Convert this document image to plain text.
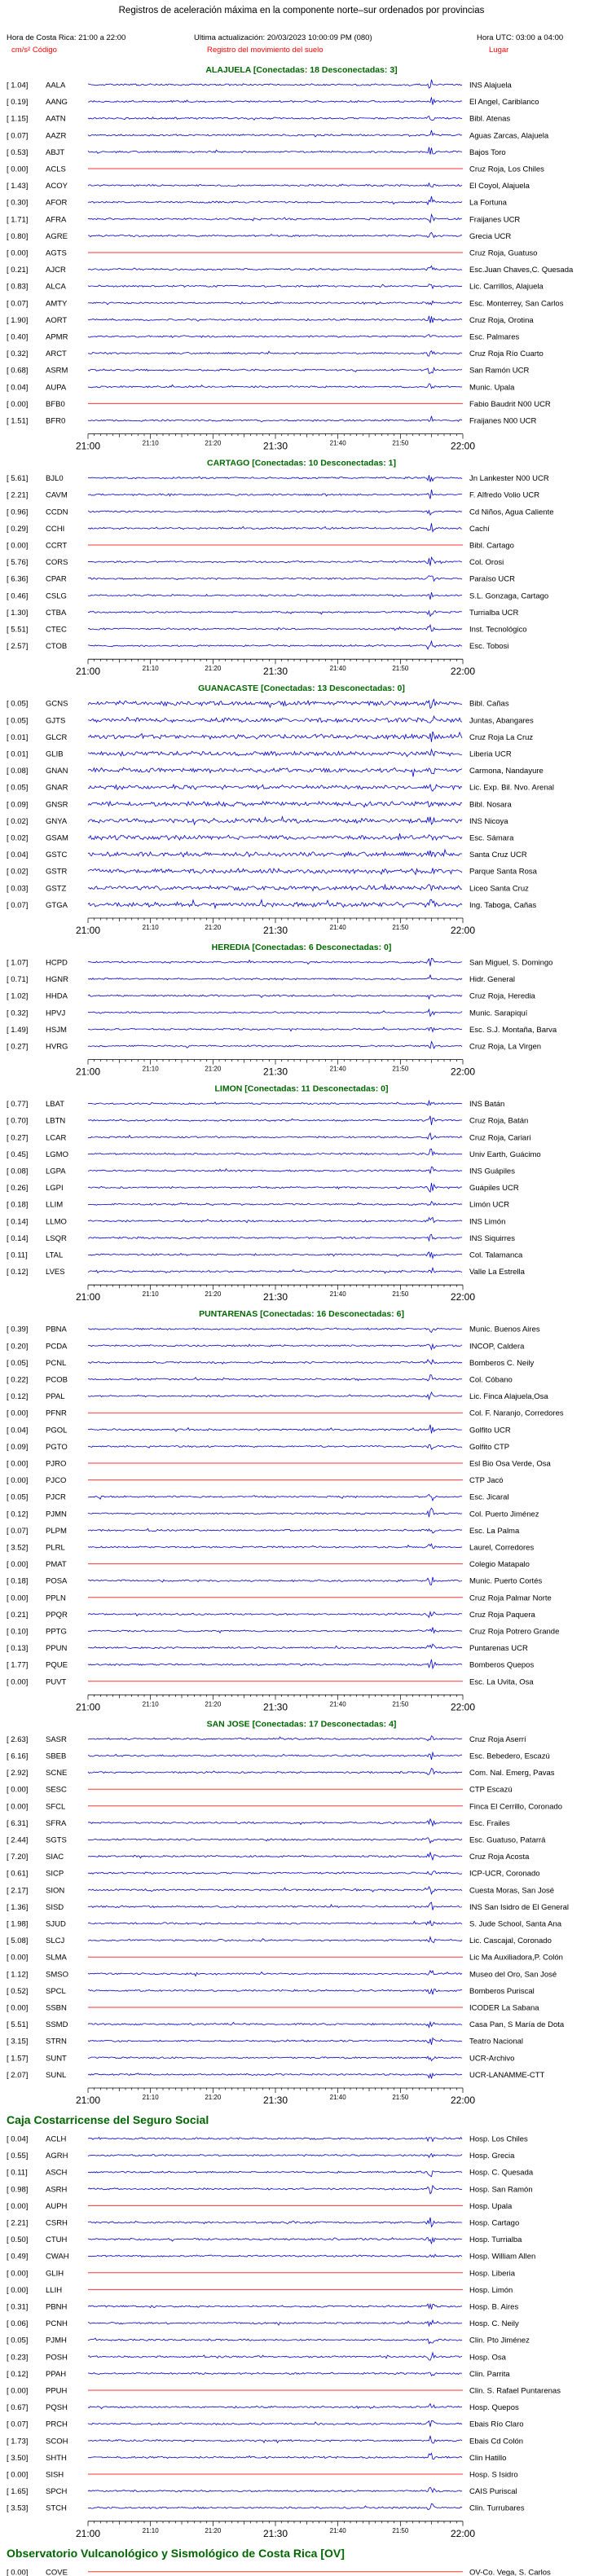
Registros de aceleración máxima en la componente norte–sur ordenados por provincias
Hora de Costa Rica: 21:00 a 22:00	Ultima actualización: 20/03/2023 10:00:09 PM (080)	Hora UTC: 03:00 a 04:00
cm/s² Código	Registro del movimiento del suelo	Lugar
ALAJUELA [Conectadas: 18 Desconectadas: 3]
[ 1.04] AALA	INS Alajuela
[ 0.19] AANG	El Angel, Cariblanco
[ 1.15] AATN	Bibl. Atenas
[ 0.07] AAZR	Aguas Zarcas, Alajuela
[ 0.53] ABJT	Bajos Toro
[ 0.00] ACLS	Cruz Roja, Los Chiles
[ 1.43] ACOY	El Coyol, Alajuela
[ 0.30] AFOR	La Fortuna
[ 1.71] AFRA	Fraijanes UCR
[ 0.80] AGRE	Grecia UCR
[ 0.00] AGTS	Cruz Roja, Guatuso
[ 0.21] AJCR	Esc.Juan Chaves,C. Quesada
[ 0.83] ALCA	Lic. Carrillos, Alajuela
[ 0.07] AMTY	Esc. Monterrey, San Carlos
[ 1.90] AORT	Cruz Roja, Orotina
[ 0.40] APMR	Esc. Palmares
[ 0.32] ARCT	Cruz Roja Río Cuarto
[ 0.68] ASRM	San Ramón UCR
[ 0.04] AUPA	Munic. Upala
[ 0.00] BFB0	Fabio Baudrit N00 UCR
[ 1.51] BFR0	Fraijanes N00 UCR
21:00	21:10	21:20	21:30	21:40	21:50	22:00
CARTAGO [Conectadas: 10 Desconectadas: 1]
[ 5.61] BJL0	Jn Lankester N00 UCR
[ 2.21] CAVM	F. Alfredo Volio UCR
[ 0.96] CCDN	Cd Niños, Agua Caliente
[ 0.29] CCHI	Cachí
[ 0.00] CCRT	Bibl. Cartago
[ 5.76] CORS	Col. Orosi
[ 6.36] CPAR	Paraíso UCR
[ 0.46] CSLG	S.L. Gonzaga, Cartago
[ 1.30] CTBA	Turrialba UCR
[ 5.51] CTEC	Inst. Tecnológico
[ 2.57] CTOB	Esc. Tobosi
21:00	21:10	21:20	21:30	21:40	21:50	22:00
GUANACASTE [Conectadas: 13 Desconectadas: 0]
[ 0.05] GCNS	Bibl. Cañas
[ 0.05] GJTS	Juntas, Abangares
[ 0.01] GLCR	Cruz Roja La Cruz
[ 0.01] GLIB	Liberia UCR
[ 0.08] GNAN	Carmona, Nandayure
[ 0.05] GNAR	Lic. Exp. Bil. Nvo. Arenal
[ 0.09] GNSR	Bibl. Nosara
[ 0.02] GNYA	INS Nicoya
[ 0.02] GSAM	Esc. Sámara
[ 0.04] GSTC	Santa Cruz UCR
[ 0.02] GSTR	Parque Santa Rosa
[ 0.03] GSTZ	Liceo Santa Cruz
[ 0.07] GTGA	Ing. Taboga, Cañas
21:00	21:10	21:20	21:30	21:40	21:50	22:00
HEREDIA [Conectadas: 6 Desconectadas: 0]
[ 1.07] HCPD	San Miguel, S. Domingo
[ 0.71] HGNR	Hidr. General
[ 1.02] HHDA	Cruz Roja, Heredia
[ 0.32] HPVJ	Munic. Sarapiquí
[ 1.49] HSJM	Esc. S.J. Montaña, Barva
[ 0.27] HVRG	Cruz Roja, La Virgen
21:00	21:10	21:20	21:30	21:40	21:50	22:00
LIMON [Conectadas: 11 Desconectadas: 0]
[ 0.77] LBAT	INS Batán
[ 0.70] LBTN	Cruz Roja, Batán
[ 0.27] LCAR	Cruz Roja, Cariari
[ 0.45] LGMO	Univ Earth, Guácimo
[ 0.08] LGPA	INS Guápiles
[ 0.26] LGPI	Guápiles UCR
[ 0.18] LLIM	Limón UCR
[ 0.14] LLMO	INS Limón
[ 0.14] LSQR	INS Siquirres
[ 0.11] LTAL	Col. Talamanca
[ 0.12] LVES	Valle La Estrella
21:00	21:10	21:20	21:30	21:40	21:50	22:00
PUNTARENAS [Conectadas: 16 Desconectadas: 6]
[ 0.39] PBNA	Munic. Buenos Aires
[ 0.20] PCDA	INCOP, Caldera
[ 0.05] PCNL	Bomberos C. Neily
[ 0.22] PCOB	Col. Cóbano
[ 0.12] PPAL	Lic. Finca Alajuela,Osa
[ 0.00] PFNR	Col. F. Naranjo, Corredores
[ 0.04] PGOL	Golfito UCR
[ 0.09] PGTO	Golfito CTP
[ 0.00] PJRO	Esl Bio Osa Verde, Osa
[ 0.00] PJCO	CTP Jacó
[ 0.05] PJCR	Esc. Jicaral
[ 0.12] PJMN	Col. Puerto Jiménez
[ 0.07] PLPM	Esc. La Palma
[ 3.52] PLRL	Laurel, Corredores
[ 0.00] PMAT	Colegio Matapalo
[ 0.18] POSA	Munic. Puerto Cortés
[ 0.00] PPLN	Cruz Roja Palmar Norte
[ 0.21] PPQR	Cruz Roja Paquera
[ 0.10] PPTG	Cruz Roja Potrero Grande
[ 0.13] PPUN	Puntarenas UCR
[ 1.77] PQUE	Bomberos Quepos
[ 0.00] PUVT	Esc. La Uvita, Osa
21:00	21:10	21:20	21:30	21:40	21:50	22:00
SAN JOSE [Conectadas: 17 Desconectadas: 4]
[ 2.63] SASR	Cruz Roja Aserrí
[ 6.16] SBEB	Esc. Bebedero, Escazú
[ 2.92] SCNE	Com. Nal. Emerg, Pavas
[ 0.00] SESC	CTP Escazú
[ 0.00] SFCL	Finca El Cerrillo, Coronado
[ 6.31] SFRA	Esc. Frailes
[ 2.44] SGTS	Esc. Guatuso, Patarrá
[ 7.20] SIAC	Cruz Roja Acosta
[ 0.61] SICP	ICP-UCR, Coronado
[ 2.17] SION	Cuesta Moras, San José
[ 1.36] SISD	INS San Isidro de El General
[ 1.98] SJUD	S. Jude School, Santa Ana
[ 5.08] SLCJ	Lic. Cascajal, Coronado
[ 0.00] SLMA	Lic Ma Auxiliadora,P. Colón
[ 1.12] SMSO	Museo del Oro, San José
[ 0.52] SPCL	Bomberos Puriscal
[ 0.00] SSBN	ICODER La Sabana
[ 5.51] SSMD	Casa Pan, S María de Dota
[ 3.15] STRN	Teatro Nacional
[ 1.57] SUNT	UCR-Archivo
[ 2.07] SUNL	UCR-LANAMME-CTT
21:00	21:10	21:20	21:30	21:40	21:50	22:00
Caja Costarricense del Seguro Social
[ 0.04] ACLH	Hosp. Los Chiles
[ 0.55] AGRH	Hosp. Grecia
[ 0.11] ASCH	Hosp. C. Quesada
[ 0.98] ASRH	Hosp. San Ramón
[ 0.00] AUPH	Hosp. Upala
[ 2.21] CSRH	Hosp. Cartago
[ 0.50] CTUH	Hosp. Turrialba
[ 0.49] CWAH	Hosp. William Allen
[ 0.00] GLIH	Hosp. Liberia
[ 0.00] LLIH	Hosp. Limón
[ 0.31] PBNH	Hosp. B. Aires
[ 0.06] PCNH	Hosp. C. Neily
[ 0.05] PJMH	Clin. Pto Jiménez
[ 0.23] POSH	Hosp. Osa
[ 0.12] PPAH	Clin. Parrita
[ 0.00] PPUH	Clin. S. Rafael Puntarenas
[ 0.67] PQSH	Hosp. Quepos
[ 0.07] PRCH	Ebais Río Claro
[ 1.73] SCOH	Ebais Cd Colón
[ 3.50] SHTH	Clin Hatillo
[ 0.00] SISH	Hosp. S Isidro
[ 1.65] SPCH	CAIS Puriscal
[ 3.53] STCH	Clin. Turrubares
21:00	21:10	21:20	21:30	21:40	21:50	22:00
Observatorio Vulcanológico y Sismológico de Costa Rica [OV]
[ 0.00] COVE	OV-Co. Vega, S. Carlos
